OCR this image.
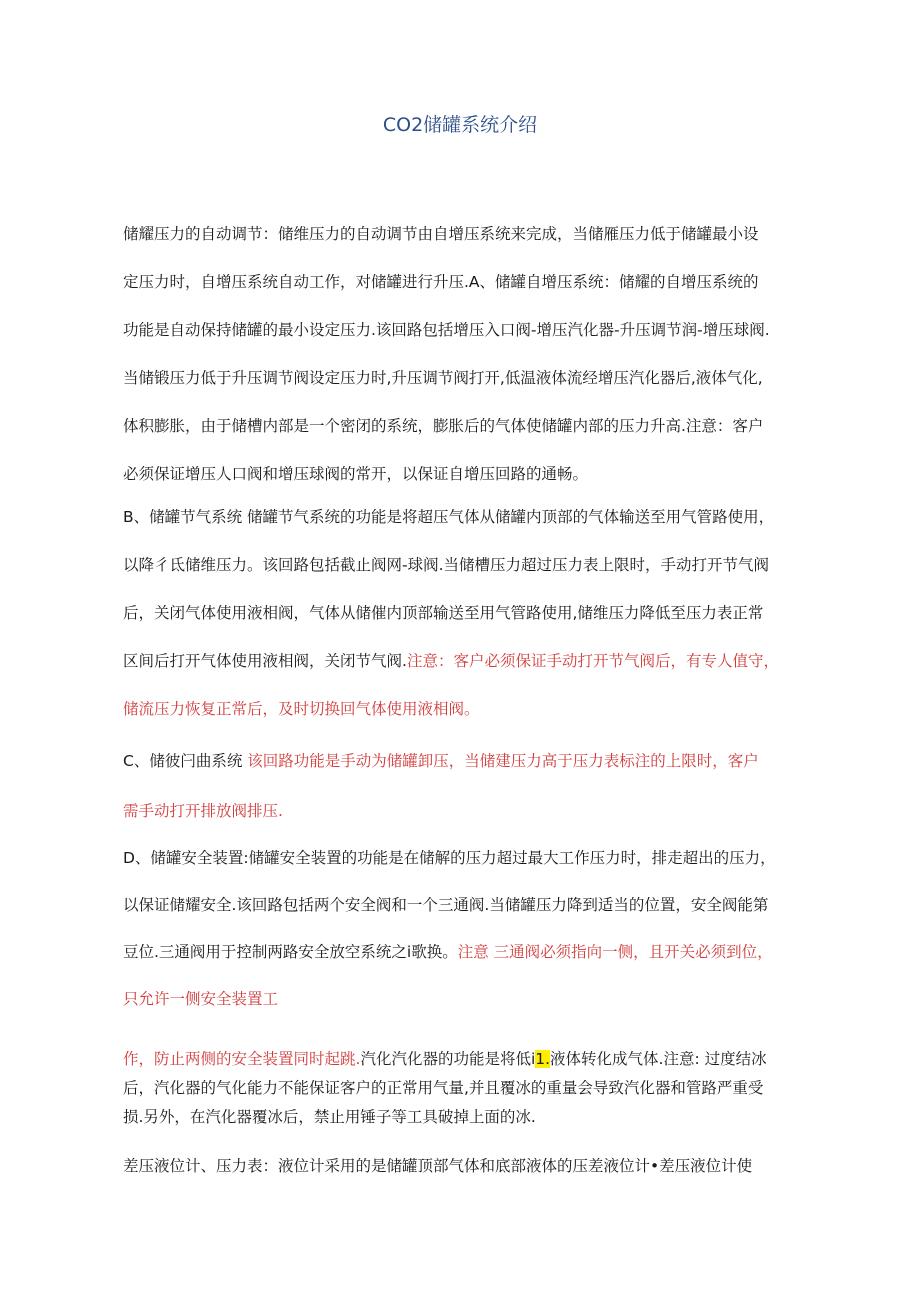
CO2储罐系统介绍
储耀压力的自动调节：储维压力的自动调节由自增压系统来完成，当储雁压力低于储罐最小设
定压力时，自增压系统自动工作，对储罐进行升压.A、储罐自增压系统：储耀的自增压系统的
功能是自动保持储罐的最小设定压力.该回路包括增压入口阀-增压汽化器-升压调节润-增压球阀.
当储锻压力低于升压调节阀设定压力时,升压调节阀打开,低温液体流经增压汽化器后,液体气化,
体积膨胀，由于储槽内部是一个密闭的系统，膨胀后的气体使储罐内部的压力升高.注意：客户
必须保证增压人口阀和增压球阀的常开，以保证自增压回路的通畅。
B、储罐节气系统 储罐节气系统的功能是将超压气体从储罐内顶部的气体输送至用气管路使用，
以降彳氐储维压力。该回路包括截止阀网-球阀.当储槽压力超过压力表上限时，手动打开节气阀
后，关闭气体使用液相阀，气体从储催内顶部输送至用气管路使用,储维压力降低至压力表正常
区间后打开气体使用液相阀，关闭节气阀.注意：客户必须保证手动打开节气阀后，有专人值守，
储流压力恢复正常后，及时切换回气体使用液相阀。
C、储彼闩曲系统 该回路功能是手动为储罐卸压，当储建压力高于压力表标注的上限时，客户
需手动打开排放阀排压.
D、储罐安全装置:储罐安全装置的功能是在储解的压力超过最大工作压力时，排走超出的压力，
以保证储耀安全.该回路包括两个安全阀和一个三通阀.当储罐压力降到适当的位置，安全阀能第
豆位.三通阀用于控制两路安全放空系统之i歌换。注意 三通阀必须指向一侧，且开关必须到位，
只允许一侧安全装置工
作，防止两侧的安全装置同时起跳.汽化汽化器的功能是将低i1.液体转化成气体.注意: 过度结冰
后，汽化器的气化能力不能保证客户的正常用气量,并且覆冰的重量会导致汽化器和管路严重受
损.另外，在汽化器覆冰后，禁止用锤子等工具破掉上面的冰.
差压液位计、压力表：液位计采用的是储罐顶部气体和底部液体的压差液位计•差压液位计使
